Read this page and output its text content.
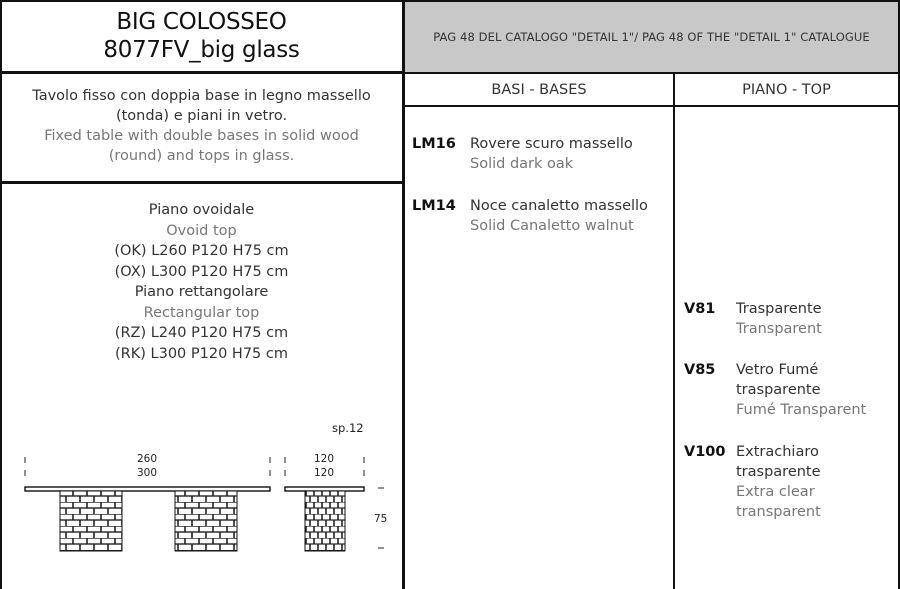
BIG COLOSSEO
8077FV_big glass	PAG 48 DEL CATALOGO "DETAIL 1"/ PAG 48 OF THE "DETAIL 1" CATALOGUE
Tavolo fisso con doppia base in legno massello
(tonda) e piani in vetro.
Fixed table with double bases in solid wood
(round) and tops in glass.
Piano ovoidale
Ovoid top
(OK) L260 P120 H75 cm
(OX) L300 P120 H75 cm
Piano rettangolare
Rectangular top
(RZ) L240 P120 H75 cm
(RK) L300 P120 H75 cm
sp.12
260
300
120
120
75
BASI - BASES	PIANO - TOP
LM16 Rovere scuro massello
Solid dark oak
LM14 Noce canaletto massello
Solid Canaletto walnut
V81 Trasparente
Transparent
V85 Vetro Fumé
trasparente
Fumé Transparent
V100 Extrachiaro
trasparente
Extra clear
transparent
